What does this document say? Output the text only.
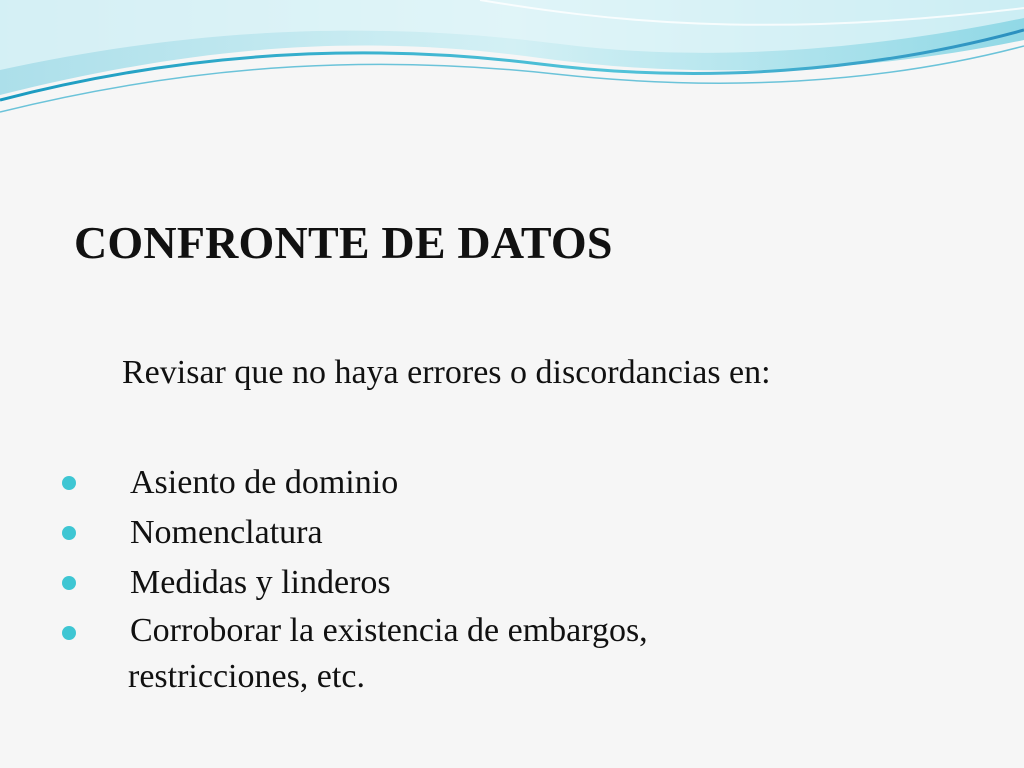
CONFRONTE DE DATOS

Revisar que no haya errores o discordancias en:

Asiento de dominio
Nomenclatura
Medidas y linderos
Corroborar la existencia de embargos,
restricciones, etc.
